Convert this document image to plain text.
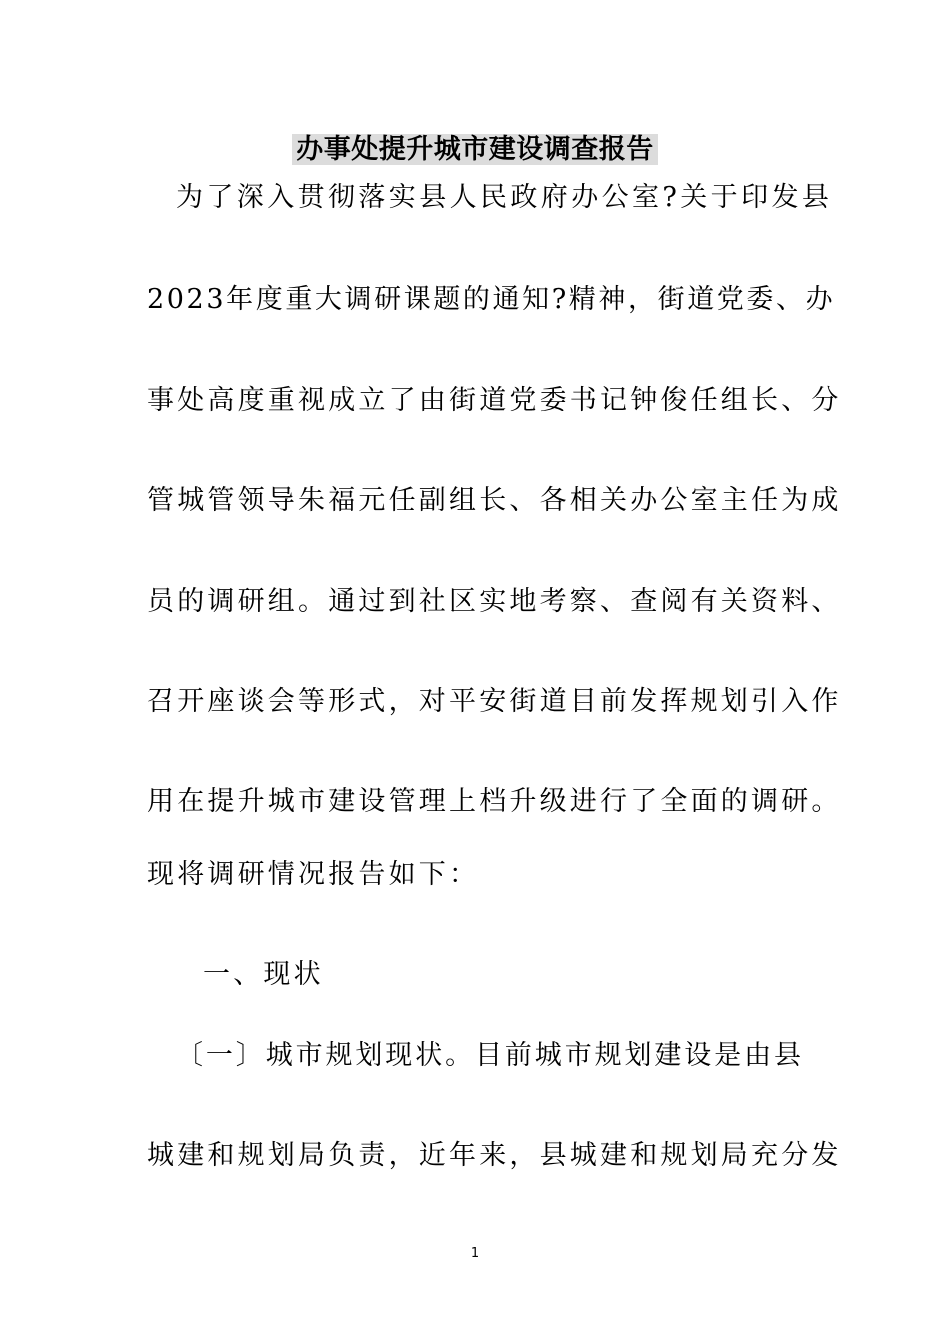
办事处提升城市建设调查报告
为了深入贯彻落实县人民政府办公室?关于印发县
2023年度重大调研课题的通知?精神，街道党委、办
事处高度重视成立了由街道党委书记钟俊任组长、分
管城管领导朱福元任副组长、各相关办公室主任为成
员的调研组。通过到社区实地考察、查阅有关资料、
召开座谈会等形式，对平安街道目前发挥规划引入作
用在提升城市建设管理上档升级进行了全面的调研。
现将调研情况报告如下：
一、现状
〔一〕城市规划现状。目前城市规划建设是由县
城建和规划局负责，近年来，县城建和规划局充分发
1
